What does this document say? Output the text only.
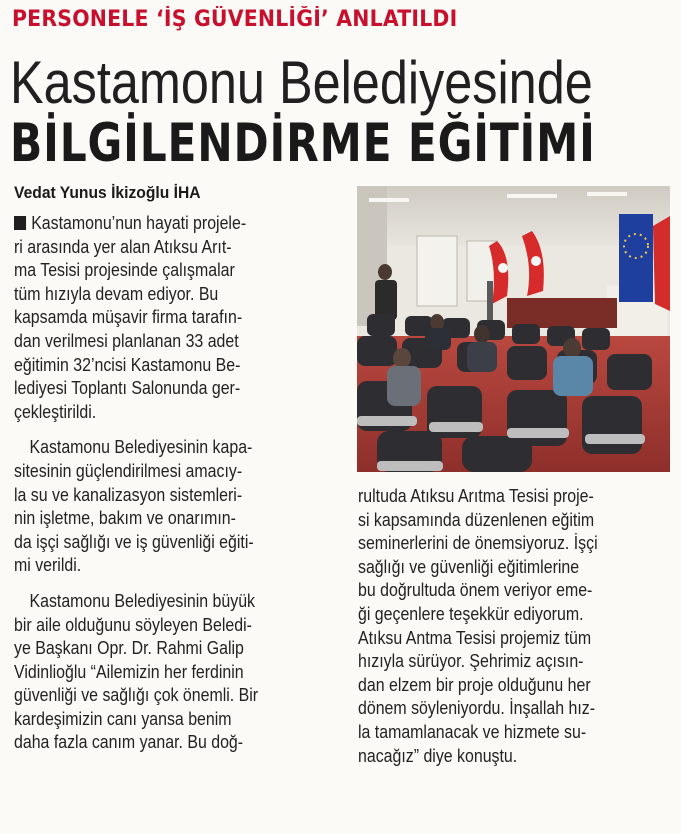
PERSONELE ‘İŞ GÜVENLİĞİ’ ANLATILDI
Kastamonu Belediyesinde
BİLGİLENDİRME EĞİTİMİ
Vedat Yunus İkizoğlu İHA
Kastamonu’nun hayati projele-
ri arasında yer alan Atıksu Arıt-
ma Tesisi projesinde çalışmalar
tüm hızıyla devam ediyor. Bu
kapsamda müşavir firma tarafın-
dan verilmesi planlanan 33 adet
eğitimin 32’ncisi Kastamonu Be-
lediyesi Toplantı Salonunda ger-
çekleştirildi.
Kastamonu Belediyesinin kapa-
sitesinin güçlendirilmesi amacıy-
la su ve kanalizasyon sistemleri-
nin işletme, bakım ve onarımın-
da işçi sağlığı ve iş güvenliği eğiti-
mi verildi.
Kastamonu Belediyesinin büyük
bir aile olduğunu söyleyen Beledi-
ye Başkanı Opr. Dr. Rahmi Galip
Vidinlioğlu “Ailemizin her ferdinin
güvenliği ve sağlığı çok önemli. Bir
kardeşimizin canı yansa benim
daha fazla canım yanar. Bu doğ-
rultuda Atıksu Arıtma Tesisi proje-
si kapsamında düzenlenen eğitim
seminerlerini de önemsiyoruz. İşçi
sağlığı ve güvenliği eğitimlerine
bu doğrultuda önem veriyor eme-
ği geçenlere teşekkür ediyorum.
Atıksu Antma Tesisi projemiz tüm
hızıyla sürüyor. Şehrimiz açısın-
dan elzem bir proje olduğunu her
dönem söyleniyordu. İnşallah hız-
la tamamlanacak ve hizmete su-
nacağız” diye konuştu.
